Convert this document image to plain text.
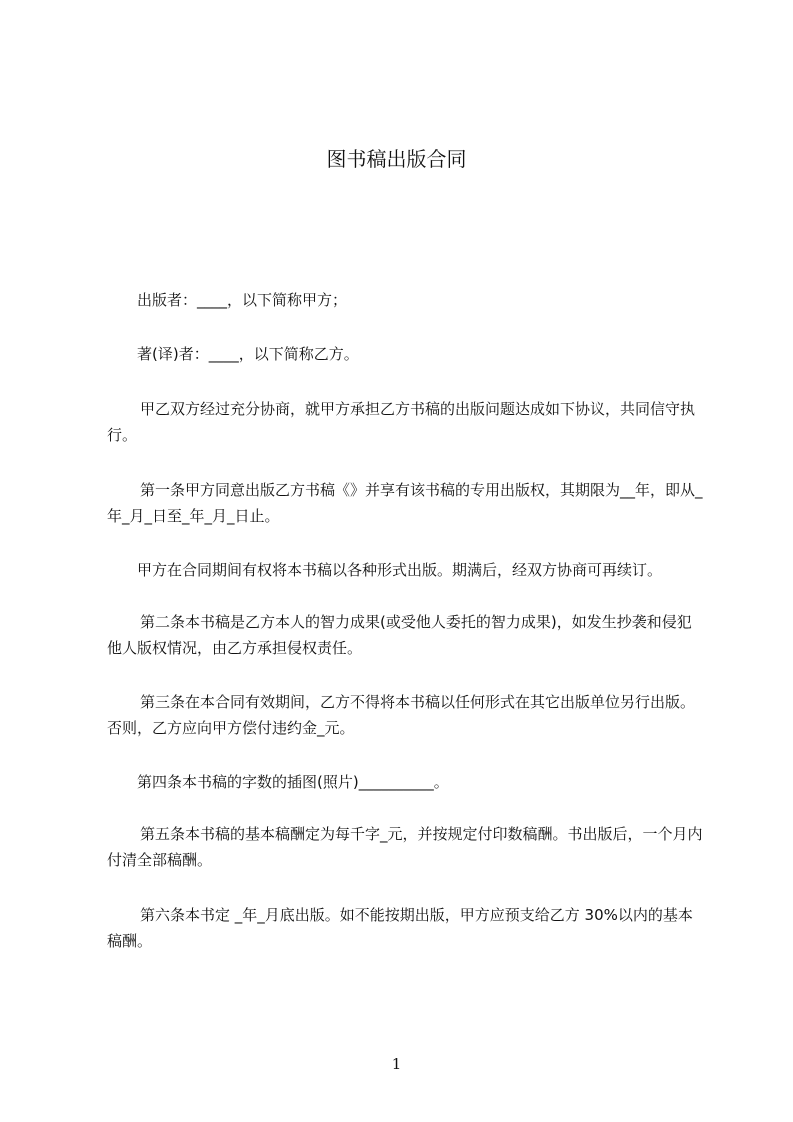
图书稿出版合同
出版者：____，以下简称甲方；
著(译)者：____，以下简称乙方。
甲乙双方经过充分协商，就甲方承担乙方书稿的出版问题达成如下协议，共同信守执行。
第一条甲方同意出版乙方书稿《》并享有该书稿的专用出版权，其期限为__年，即从_年_月_日至_年_月_日止。
甲方在合同期间有权将本书稿以各种形式出版。期满后，经双方协商可再续订。
第二条本书稿是乙方本人的智力成果(或受他人委托的智力成果)，如发生抄袭和侵犯他人版权情况，由乙方承担侵权责任。
第三条在本合同有效期间，乙方不得将本书稿以任何形式在其它出版单位另行出版。否则，乙方应向甲方偿付违约金_元。
第四条本书稿的字数的插图(照片)__________。
第五条本书稿的基本稿酬定为每千字_元，并按规定付印数稿酬。书出版后，一个月内付清全部稿酬。
第六条本书定 _年_月底出版。如不能按期出版，甲方应预支给乙方 30%以内的基本稿酬。
1
